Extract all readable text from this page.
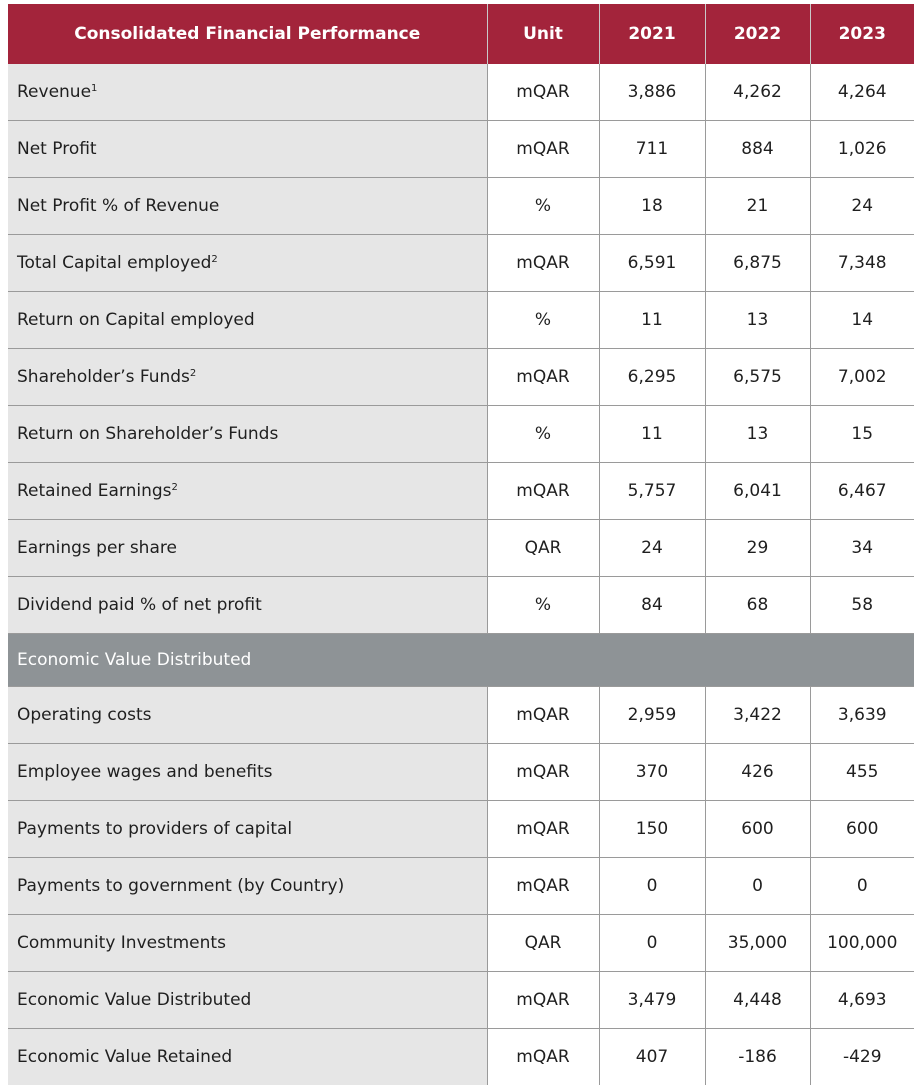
Consolidated Financial Performance	Unit	2021	2022	2023
Revenue$^1$	mQAR	3,886	4,262	4,264
Net Profit	mQAR	711	884	1,026
Net Profit % of Revenue	%	18	21	24
Total Capital employed$^2$	mQAR	6,591	6,875	7,348
Return on Capital employed	%	11	13	14
Shareholder’s Funds$^2$	mQAR	6,295	6,575	7,002
Return on Shareholder’s Funds	%	11	13	15
Retained Earnings$^2$	mQAR	5,757	6,041	6,467
Earnings per share	QAR	24	29	34
Dividend paid % of net profit	%	84	68	58
Economic Value Distributed				
Operating costs	mQAR	2,959	3,422	3,639
Employee wages and benefits	mQAR	370	426	455
Payments to providers of capital	mQAR	150	600	600
Payments to government (by Country)	mQAR	0	0	0
Community Investments	QAR	0	35,000	100,000
Economic Value Distributed	mQAR	3,479	4,448	4,693
Economic Value Retained	mQAR	407	-186	-429
